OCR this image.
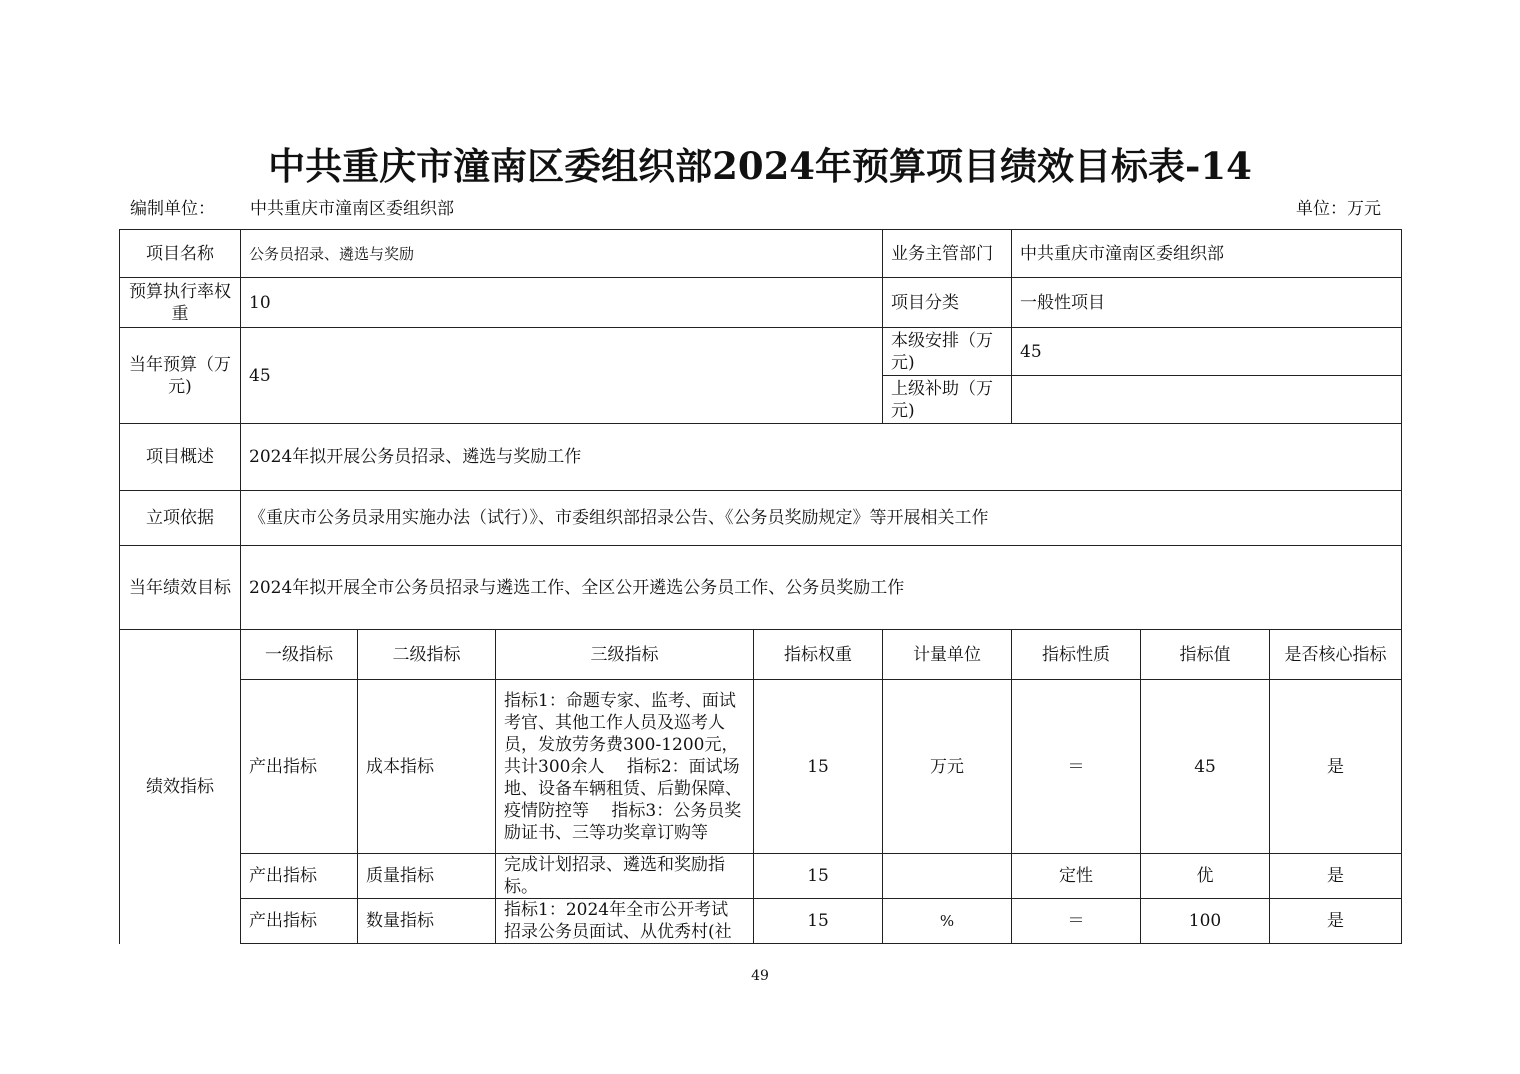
中共重庆市潼南区委组织部2024年预算项目绩效目标表-14
编制单位： 中共重庆市潼南区委组织部	单位：万元
项目名称	公务员招录、遴选与奖励				业务主管部门	中共重庆市潼南区委组织部		
预算执行率权重	10				项目分类	一般性项目		
当年预算（万元)	45				本级安排（万元)	45		
					上级补助（万元)			
项目概述	2024年拟开展公务员招录、遴选与奖励工作							
立项依据	《重庆市公务员录用实施办法（试行）》、市委组织部招录公告、《公务员奖励规定》等开展相关工作							
当年绩效目标	2024年拟开展全市公务员招录与遴选工作、全区公开遴选公务员工作、公务员奖励工作							
绩效指标	一级指标	二级指标	三级指标	指标权重	计量单位	指标性质	指标值	是否核心指标
	产出指标	成本指标	指标1：命题专家、监考、面试考官、其他工作人员及巡考人员，发放劳务费300-1200元，共计300余人　 指标2：面试场地、设备车辆租赁、后勤保障、疫情防控等　 指标3：公务员奖励证书、三等功奖章订购等	15	万元	＝	45	是
	产出指标	质量指标	完成计划招录、遴选和奖励指标。	15		定性	优	是
	产出指标	数量指标	指标1：2024年全市公开考试招录公务员面试、从优秀村(社	15	%	＝	100	是
49
